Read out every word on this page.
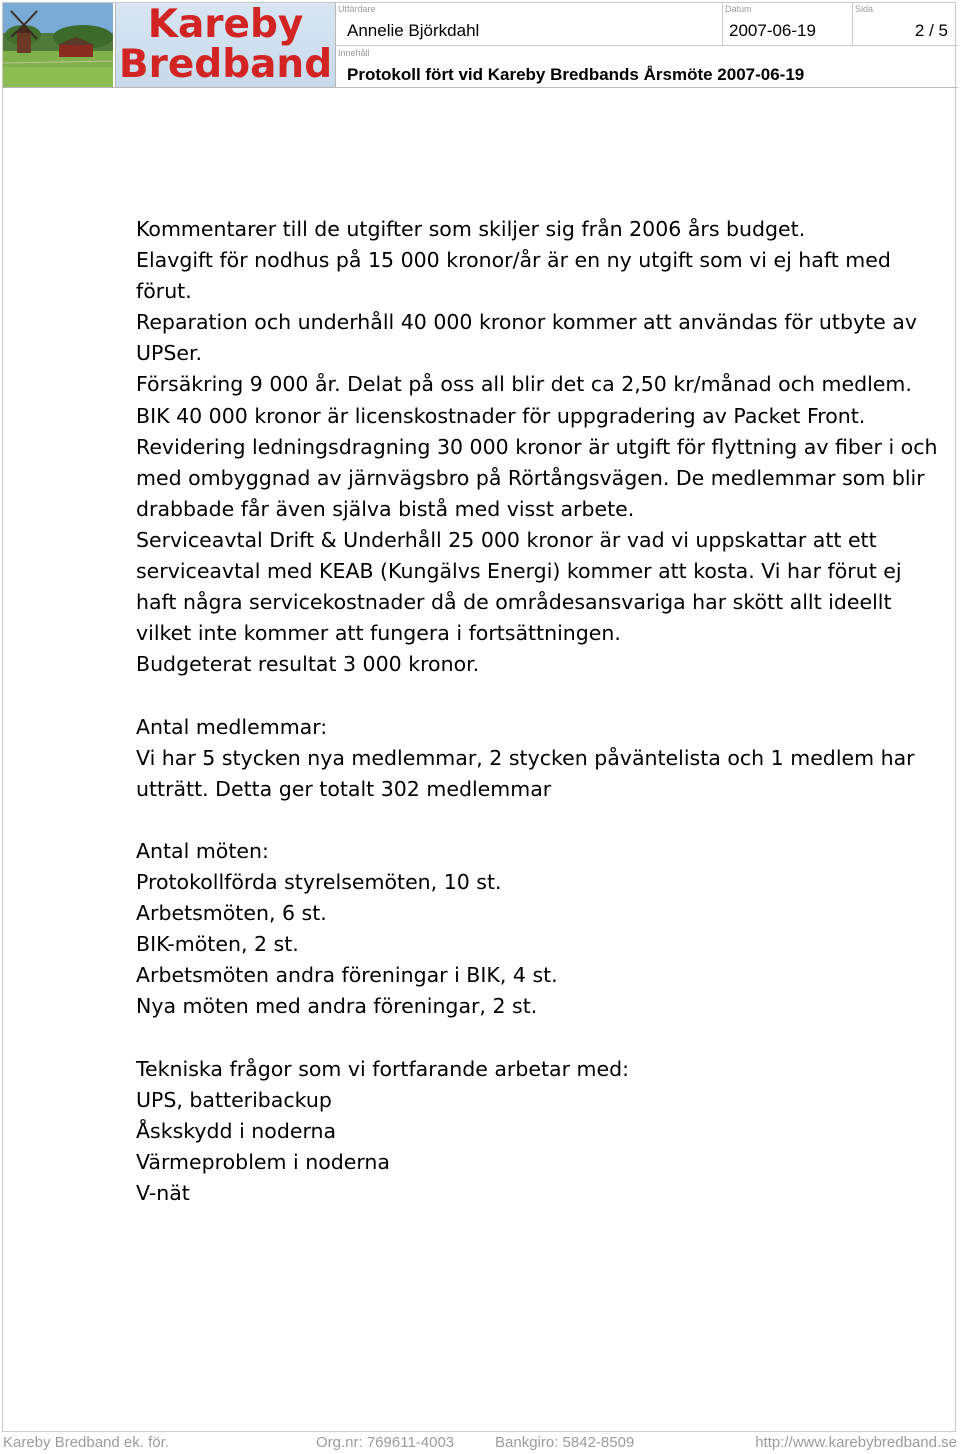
Kareby
Bredband
Utfärdare
Annelie Björkdahl
Datum
2007-06-19
Sida
2 / 5
Innehåll
Protokoll fört vid Kareby Bredbands Årsmöte 2007-06-19

Kommentarer till de utgifter som skiljer sig från 2006 års budget.

Elavgift för nodhus på 15 000 kronor/år är en ny utgift som vi ej haft med förut.

Reparation och underhåll 40 000 kronor kommer att användas för utbyte av UPSer.

Försäkring 9 000 år. Delat på oss all blir det ca 2,50 kr/månad och medlem.

BIK 40 000 kronor är licenskostnader för uppgradering av Packet Front.

Revidering ledningsdragning 30 000 kronor är utgift för flyttning av fiber i och med ombyggnad av järnvägsbro på Rörtångsvägen. De medlemmar som blir drabbade får även själva bistå med visst arbete.

Serviceavtal Drift & Underhåll 25 000 kronor är vad vi uppskattar att ett serviceavtal med KEAB (Kungälvs Energi) kommer att kosta. Vi har förut ej haft några servicekostnader då de områdesansvariga har skött allt ideellt vilket inte kommer att fungera i fortsättningen.

Budgeterat resultat 3 000 kronor.

Antal medlemmar:

Vi har 5 stycken nya medlemmar, 2 stycken påväntelista och 1 medlem har utträtt. Detta ger totalt 302 medlemmar

Antal möten:

Protokollförda styrelsemöten, 10 st.

Arbetsmöten, 6 st.

BIK-möten, 2 st.

Arbetsmöten andra föreningar i BIK, 4 st.

Nya möten med andra föreningar, 2 st.

Tekniska frågor som vi fortfarande arbetar med:

UPS, batteribackup

Åskskydd i noderna

Värmeproblem i noderna

V-nät

Kareby Bredband ek. för.	Org.nr: 769611-4003	Bankgiro: 5842-8509	http://www.karebybredband.se
